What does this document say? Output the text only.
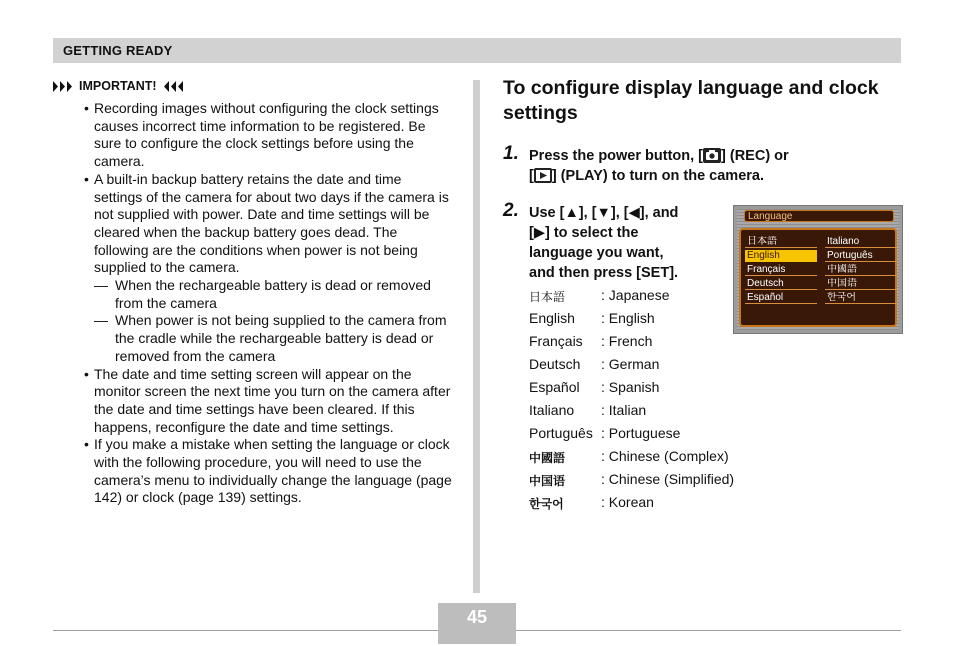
GETTING READY
IMPORTANT!
• Recording images without configuring the clock settings causes incorrect time information to be registered. Be sure to configure the clock settings before using the camera.
• A built-in backup battery retains the date and time settings of the camera for about two days if the camera is not supplied with power. Date and time settings will be cleared when the backup battery goes dead. The following are the conditions when power is not being supplied to the camera.
— When the rechargeable battery is dead or removed from the camera
— When power is not being supplied to the camera from the cradle while the rechargeable battery is dead or removed from the camera
• The date and time setting screen will appear on the monitor screen the next time you turn on the camera after the date and time settings have been cleared. If this happens, reconfigure the date and time settings.
• If you make a mistake when setting the language or clock with the following procedure, you will need to use the camera’s menu to individually change the language (page 142) or clock (page 139) settings.
To configure display language and clock settings
1. Press the power button, [ ] (REC) or
[ ] (PLAY) to turn on the camera.
2. Use [▲], [▼], [◀], and
[▶] to select the
language you want,
and then press [SET].
日本語	: Japanese
English : English
Français : French
Deutsch : German
Español : Spanish
Italiano : Italian
Português : Portuguese
中國語	: Chinese (Complex)
中国语	: Chinese (Simplified)
한국어	: Korean
Language
日本語
English
Français
Deutsch
Español
Italiano
Português
中國語
中国语
한국어
45
